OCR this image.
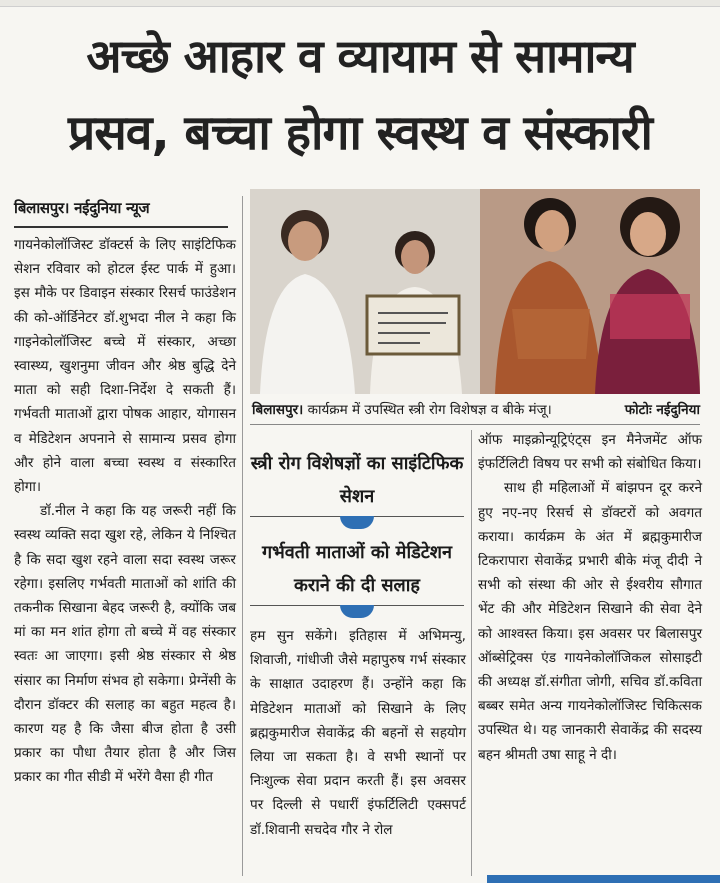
अच्छे आहार व व्यायाम से सामान्य
प्रसव, बच्चा होगा स्वस्थ व संस्कारी
बिलासपुर। नईदुनिया न्यूज

गायनेकोलॉजिस्ट डॉक्टर्स के लिए साइंटिफिक सेशन रविवार को होटल ईस्ट पार्क में हुआ। इस मौके पर डिवाइन संस्कार रिसर्च फाउंडेशन की को-ऑर्डिनेटर डॉ.शुभदा नील ने कहा कि गाइनेकोलॉजिस्ट बच्चे में संस्कार, अच्छा स्वास्थ्य, खुशनुमा जीवन और श्रेष्ठ बुद्धि देने माता को सही दिशा-निर्देश दे सकती हैं। गर्भवती माताओं द्वारा पोषक आहार, योगासन व मेडिटेशन अपनाने से सामान्य प्रसव होगा और होने वाला बच्चा स्वस्थ व संस्कारित होगा।

डॉ.नील ने कहा कि यह जरूरी नहीं कि स्वस्थ व्यक्ति सदा खुश रहे, लेकिन ये निश्चित है कि सदा खुश रहने वाला सदा स्वस्थ जरूर रहेगा। इसलिए गर्भवती माताओं को शांति की तकनीक सिखाना बेहद जरूरी है, क्योंकि जब मां का मन शांत होगा तो बच्चे में वह संस्कार स्वतः आ जाएगा। इसी श्रेष्ठ संस्कार से श्रेष्ठ संसार का निर्माण संभव हो सकेगा। प्रेग्नेंसी के दौरान डॉक्टर की सलाह का बहुत महत्व है। कारण यह है कि जैसा बीज होता है उसी प्रकार का पौधा तैयार होता है और जिस प्रकार का गीत सीडी में भरेंगे वैसा ही गीत

बिलासपुर। कार्यक्रम में उपस्थित स्त्री रोग विशेषज्ञ व बीके मंजू।	फोटोः नईदुनिया
स्त्री रोग विशेषज्ञों का साइंटिफिक सेशन
गर्भवती माताओं को मेडिटेशन कराने की दी सलाह

हम सुन सकेंगे। इतिहास में अभिमन्यु, शिवाजी, गांधीजी जैसे महापुरुष गर्भ संस्कार के साक्षात उदाहरण हैं। उन्होंने कहा कि मेडिटेशन माताओं को सिखाने के लिए ब्रह्मकुमारीज सेवाकेंद्र की बहनों से सहयोग लिया जा सकता है। वे सभी स्थानों पर निःशुल्क सेवा प्रदान करती हैं। इस अवसर पर दिल्ली से पधारीं इंफर्टिलिटी एक्सपर्ट डॉ.शिवानी सचदेव गौर ने रोल

ऑफ माइक्रोन्यूट्रिएंट्स इन मैनेजमेंट ऑफ इंफर्टिलिटी विषय पर सभी को संबोधित किया।

साथ ही महिलाओं में बांझपन दूर करने हुए नए-नए रिसर्च से डॉक्टरों को अवगत कराया। कार्यक्रम के अंत में ब्रह्मकुमारीज टिकरापारा सेवाकेंद्र प्रभारी बीके मंजू दीदी ने सभी को संस्था की ओर से ईश्वरीय सौगात भेंट की और मेडिटेशन सिखाने की सेवा देने को आश्वस्त किया। इस अवसर पर बिलासपुर ऑब्सेट्रिक्स एंड गायनेकोलॉजिकल सोसाइटी की अध्यक्ष डॉ.संगीता जोगी, सचिव डॉ.कविता बब्बर समेत अन्य गायनेकोलॉजिस्ट चिकित्सक उपस्थित थे। यह जानकारी सेवाकेंद्र की सदस्य बहन श्रीमती उषा साहू ने दी।
